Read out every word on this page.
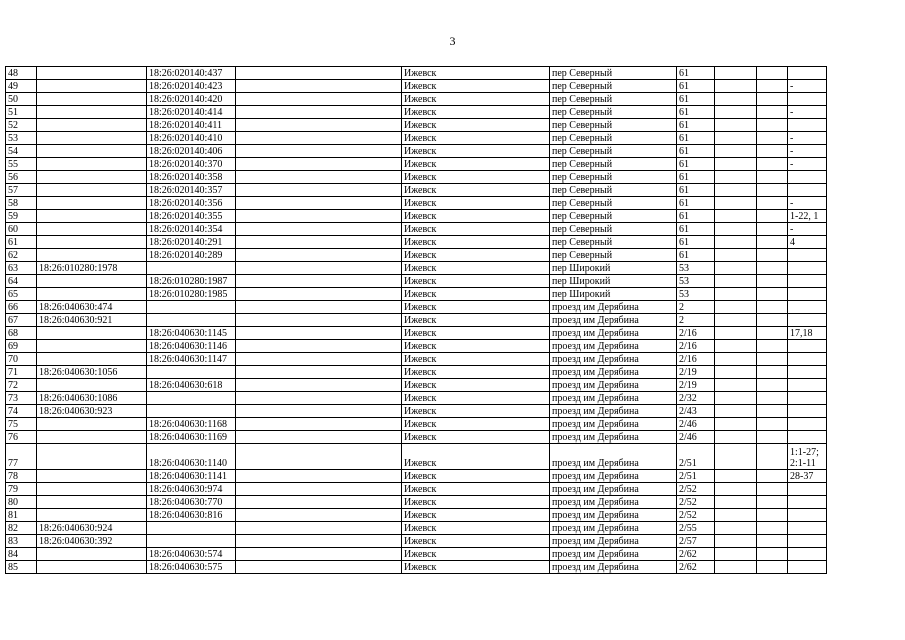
3
48		18:26:020140:437		Ижевск	пер Северный	61			
49		18:26:020140:423		Ижевск	пер Северный	61			-
50		18:26:020140:420		Ижевск	пер Северный	61			
51		18:26:020140:414		Ижевск	пер Северный	61			-
52		18:26:020140:411		Ижевск	пер Северный	61			
53		18:26:020140:410		Ижевск	пер Северный	61			-
54		18:26:020140:406		Ижевск	пер Северный	61			-
55		18:26:020140:370		Ижевск	пер Северный	61			-
56		18:26:020140:358		Ижевск	пер Северный	61			
57		18:26:020140:357		Ижевск	пер Северный	61			
58		18:26:020140:356		Ижевск	пер Северный	61			-
59		18:26:020140:355		Ижевск	пер Северный	61			1-22, 1
60		18:26:020140:354		Ижевск	пер Северный	61			-
61		18:26:020140:291		Ижевск	пер Северный	61			4
62		18:26:020140:289		Ижевск	пер Северный	61			
63	18:26:010280:1978			Ижевск	пер Широкий	53			
64		18:26:010280:1987		Ижевск	пер Широкий	53			
65		18:26:010280:1985		Ижевск	пер Широкий	53			
66	18:26:040630:474			Ижевск	проезд им Дерябина	2			
67	18:26:040630:921			Ижевск	проезд им Дерябина	2			
68		18:26:040630:1145		Ижевск	проезд им Дерябина	2/16			17,18
69		18:26:040630:1146		Ижевск	проезд им Дерябина	2/16			
70		18:26:040630:1147		Ижевск	проезд им Дерябина	2/16			
71	18:26:040630:1056			Ижевск	проезд им Дерябина	2/19			
72		18:26:040630:618		Ижевск	проезд им Дерябина	2/19			
73	18:26:040630:1086			Ижевск	проезд им Дерябина	2/32			
74	18:26:040630:923			Ижевск	проезд им Дерябина	2/43			
75		18:26:040630:1168		Ижевск	проезд им Дерябина	2/46			
76		18:26:040630:1169		Ижевск	проезд им Дерябина	2/46			
77		18:26:040630:1140		Ижевск	проезд им Дерябина	2/51			1:1-27; 2:1-11
78		18:26:040630:1141		Ижевск	проезд им Дерябина	2/51			28-37
79		18:26:040630:974		Ижевск	проезд им Дерябина	2/52			
80		18:26:040630:770		Ижевск	проезд им Дерябина	2/52			
81		18:26:040630:816		Ижевск	проезд им Дерябина	2/52			
82	18:26:040630:924			Ижевск	проезд им Дерябина	2/55			
83	18:26:040630:392			Ижевск	проезд им Дерябина	2/57			
84		18:26:040630:574		Ижевск	проезд им Дерябина	2/62			
85		18:26:040630:575		Ижевск	проезд им Дерябина	2/62			
